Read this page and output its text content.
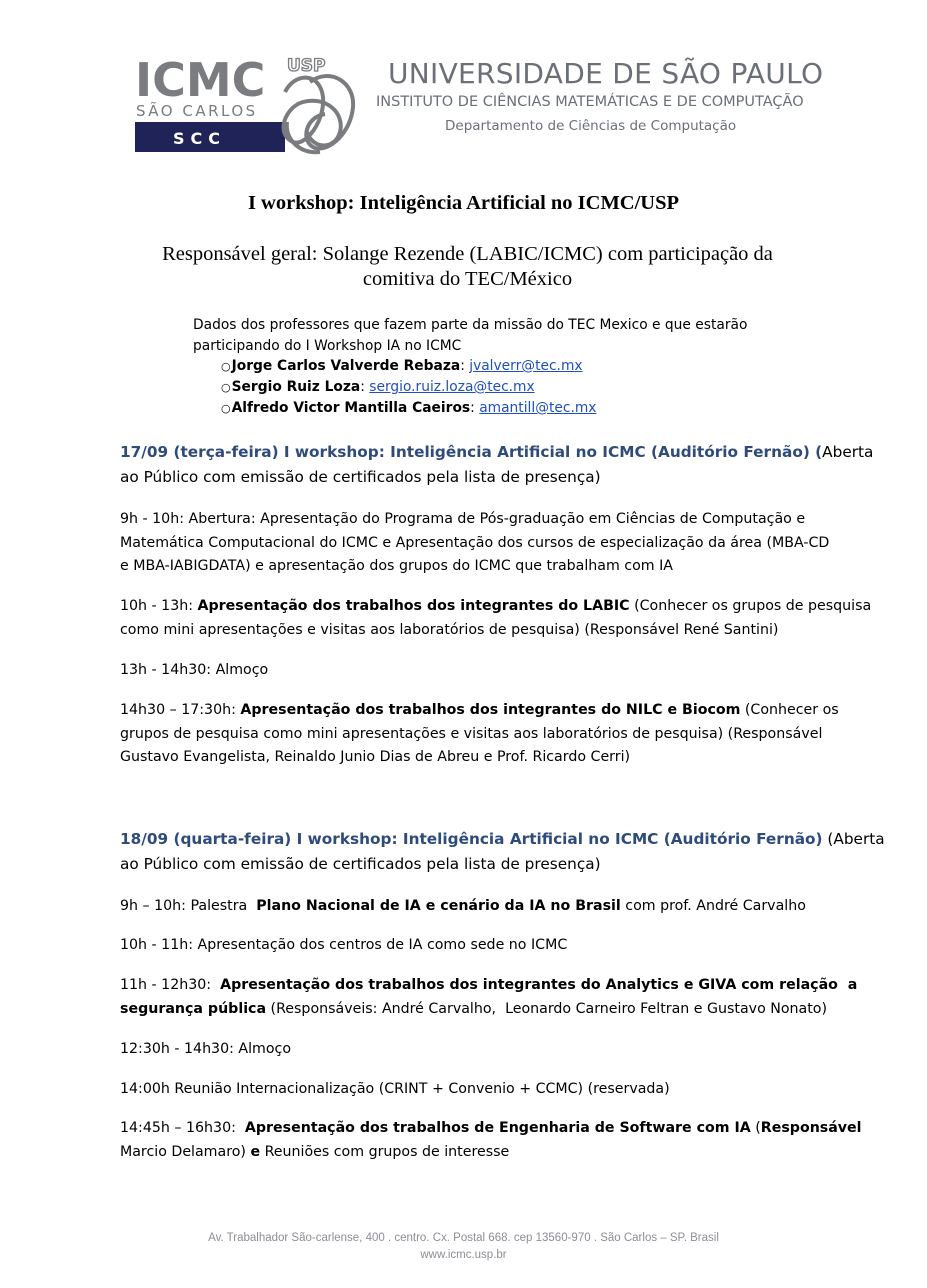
ICMC USP
SÃO CARLOS
SCC
UNIVERSIDADE DE SÃO PAULO
INSTITUTO DE CIÊNCIAS MATEMÁTICAS E DE COMPUTAÇÃO
Departamento de Ciências de Computação
I workshop: Inteligência Artificial no ICMC/USP
Responsável geral: Solange Rezende (LABIC/ICMC) com participação da
comitiva do TEC/México
Dados dos professores que fazem parte da missão do TEC Mexico e que estarão
participando do I Workshop IA no ICMC
○Jorge Carlos Valverde Rebaza: jvalverr@tec.mx
○Sergio Ruiz Loza: sergio.ruiz.loza@tec.mx
○Alfredo Victor Mantilla Caeiros: amantill@tec.mx
17/09 (terça-feira) I workshop: Inteligência Artificial no ICMC (Auditório Fernão) (Aberta
ao Público com emissão de certificados pela lista de presença)
9h - 10h: Abertura: Apresentação do Programa de Pós-graduação em Ciências de Computação e
Matemática Computacional do ICMC e Apresentação dos cursos de especialização da área (MBA-CD
e MBA-IABIGDATA) e apresentação dos grupos do ICMC que trabalham com IA
10h - 13h: Apresentação dos trabalhos dos integrantes do LABIC (Conhecer os grupos de pesquisa
como mini apresentações e visitas aos laboratórios de pesquisa) (Responsável René Santini)
13h - 14h30: Almoço
14h30 – 17:30h: Apresentação dos trabalhos dos integrantes do NILC e Biocom (Conhecer os
grupos de pesquisa como mini apresentações e visitas aos laboratórios de pesquisa) (Responsável
Gustavo Evangelista, Reinaldo Junio Dias de Abreu e Prof. Ricardo Cerri)
18/09 (quarta-feira) I workshop: Inteligência Artificial no ICMC (Auditório Fernão) (Aberta
ao Público com emissão de certificados pela lista de presença)
9h – 10h: Palestra  Plano Nacional de IA e cenário da IA no Brasil com prof. André Carvalho
10h - 11h: Apresentação dos centros de IA como sede no ICMC
11h - 12h30:  Apresentação dos trabalhos dos integrantes do Analytics e GIVA com relação  a
segurança pública (Responsáveis: André Carvalho,  Leonardo Carneiro Feltran e Gustavo Nonato)
12:30h - 14h30: Almoço
14:00h Reunião Internacionalização (CRINT + Convenio + CCMC) (reservada)
14:45h – 16h30:  Apresentação dos trabalhos de Engenharia de Software com IA (Responsável
Marcio Delamaro) e Reuniões com grupos de interesse
Av. Trabalhador São-carlense, 400 . centro. Cx. Postal 668. cep 13560-970 . São Carlos – SP. Brasil
www.icmc.usp.br
